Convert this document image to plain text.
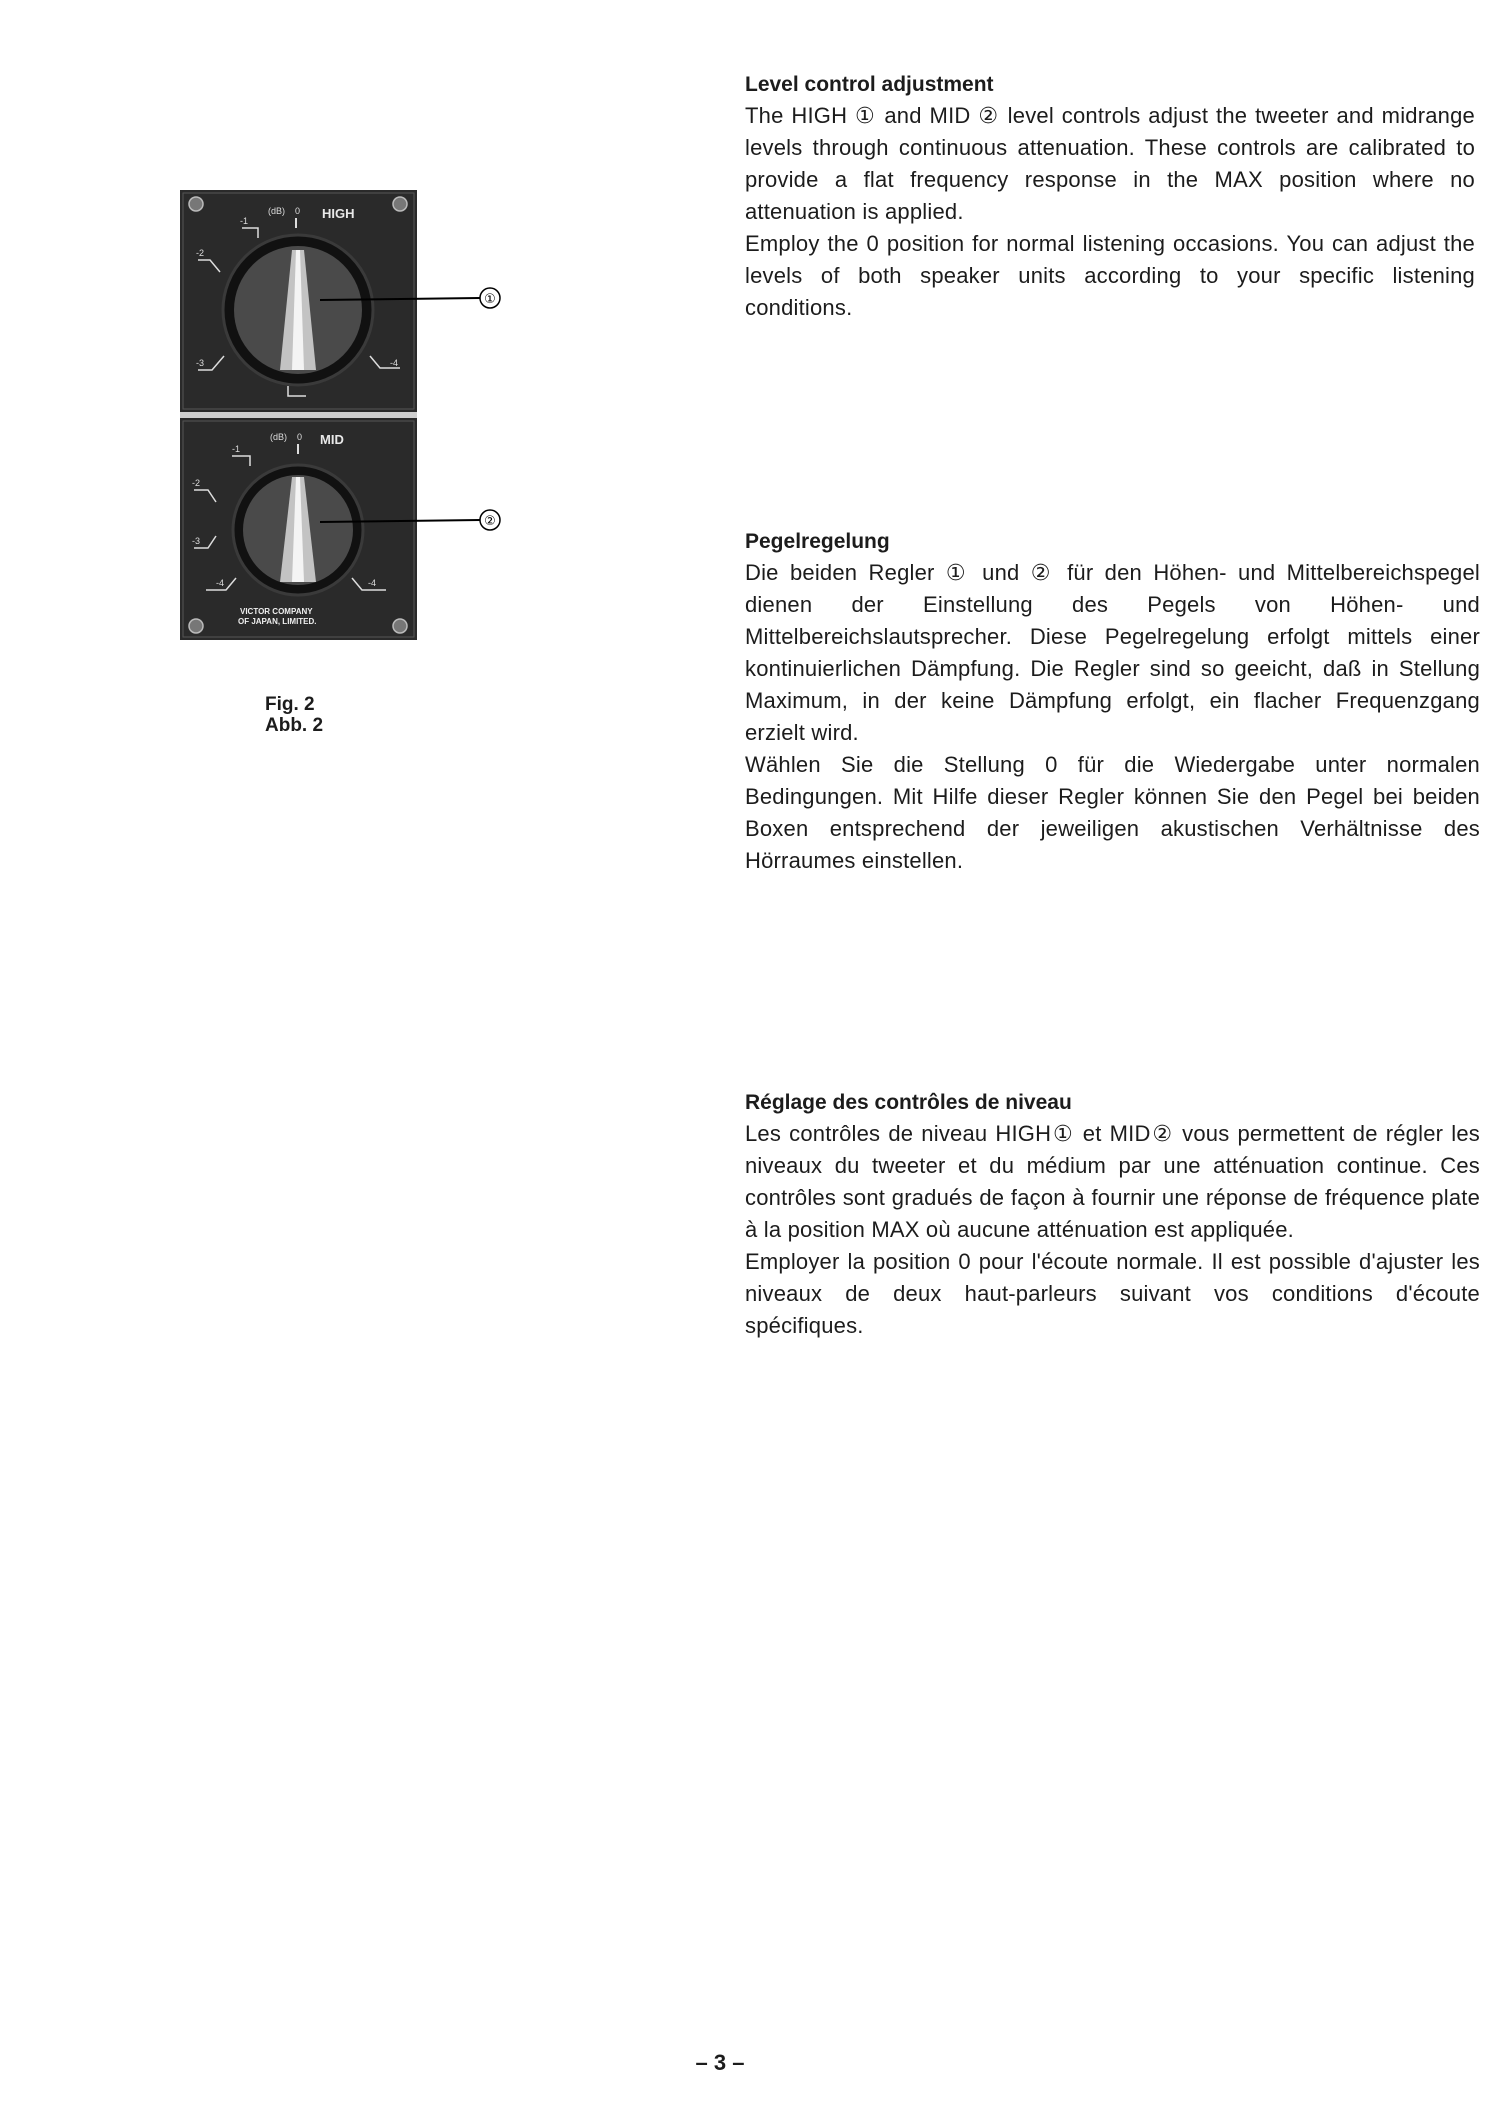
HIGH
(dB) 0
-1
-2
-3	-4
MID
(dB) 0
-1
-2
-3
-4	-4
VICTOR COMPANY
OF JAPAN, LIMITED.
①
②
Fig. 2
Abb. 2
Level control adjustment

The HIGH ① and MID ② level controls adjust the tweeter and midrange levels through continuous attenuation. These controls are calibrated to provide a flat frequency response in the MAX position where no attenuation is applied.

Employ the 0 position for normal listening occasions. You can adjust the levels of both speaker units according to your specific listening conditions.

Pegelregelung

Die beiden Regler ① und ② für den Höhen- und Mittelbereichspegel dienen der Einstellung des Pegels von Höhen- und Mittelbereichslautsprecher. Diese Pegelregelung erfolgt mittels einer kontinuierlichen Dämpfung. Die Regler sind so geeicht, daß in Stellung Maximum, in der keine Dämpfung erfolgt, ein flacher Frequenzgang erzielt wird.

Wählen Sie die Stellung 0 für die Wiedergabe unter normalen Bedingungen. Mit Hilfe dieser Regler können Sie den Pegel bei beiden Boxen entsprechend der jeweiligen akustischen Verhältnisse des Hörraumes einstellen.

Réglage des contrôles de niveau

Les contrôles de niveau HIGH① et MID② vous permettent de régler les niveaux du tweeter et du médium par une atténuation continue. Ces contrôles sont gradués de façon à fournir une réponse de fréquence plate à la position MAX où aucune atténuation est appliquée.

Employer la position 0 pour l'écoute normale. Il est possible d'ajuster les niveaux de deux haut-parleurs suivant vos conditions d'écoute spécifiques.

– 3 –
